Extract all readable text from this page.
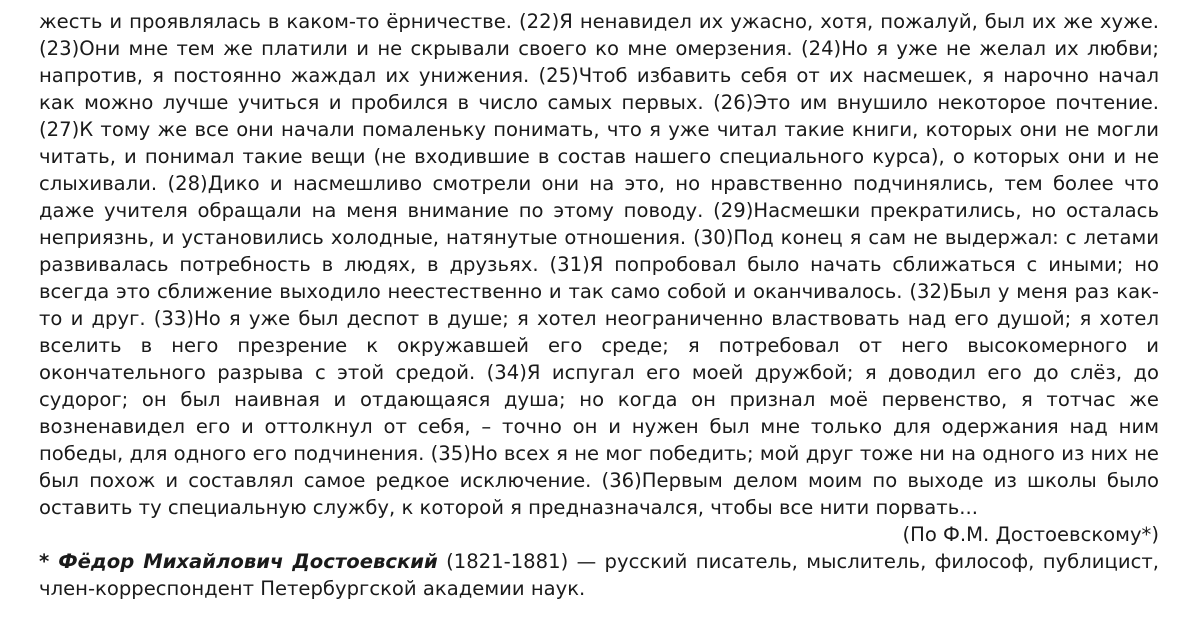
жесть и проявлялась в каком-то ёрничестве. (22)Я ненавидел их ужасно, хотя, пожалуй, был их же хуже. (23)Они мне тем же платили и не скрывали своего ко мне омерзения. (24)Но я уже не желал их любви; напротив, я постоянно жаждал их унижения. (25)Чтоб избавить себя от их насмешек, я нарочно начал как можно лучше учиться и пробился в число самых первых. (26)Это им внушило некоторое почтение. (27)К тому же все они начали помаленьку понимать, что я уже читал такие книги, которых они не могли читать, и понимал такие вещи (не входившие в состав нашего специального курса), о которых они и не слыхивали. (28)Дико и насмешливо смотрели они на это, но нравственно подчинялись, тем более что даже учителя обращали на меня внимание по этому поводу. (29)Насмешки прекратились, но осталась неприязнь, и установились холодные, натянутые отношения. (30)Под конец я сам не выдержал: с летами развивалась потребность в людях, в друзьях. (31)Я попробовал было начать сближаться с иными; но всегда это сближение выходило неестественно и так само собой и оканчивалось. (32)Был у меня раз как-то и друг. (33)Но я уже был деспот в душе; я хотел неограниченно властвовать над его душой; я хотел вселить в него презрение к окружавшей его среде; я потребовал от него высокомерного и окончательного разрыва с этой средой. (34)Я испугал его моей дружбой; я доводил его до слёз, до судорог; он был наивная и отдающаяся душа; но когда он признал моё первенство, я тотчас же возненавидел его и оттолкнул от себя, – точно он и нужен был мне только для одержания над ним победы, для одного его подчинения. (35)Но всех я не мог победить; мой друг тоже ни на одного из них не был похож и составлял самое редкое исключение. (36)Первым делом моим по выходе из школы было оставить ту специальную службу, к которой я предназначался, чтобы все нити порвать...

(По Ф.М. Достоевскому*)

* Фёдор Михайлович Достоевский (1821-1881) — русский писатель, мыслитель, философ, публицист, член-корреспондент Петербургской академии наук.
